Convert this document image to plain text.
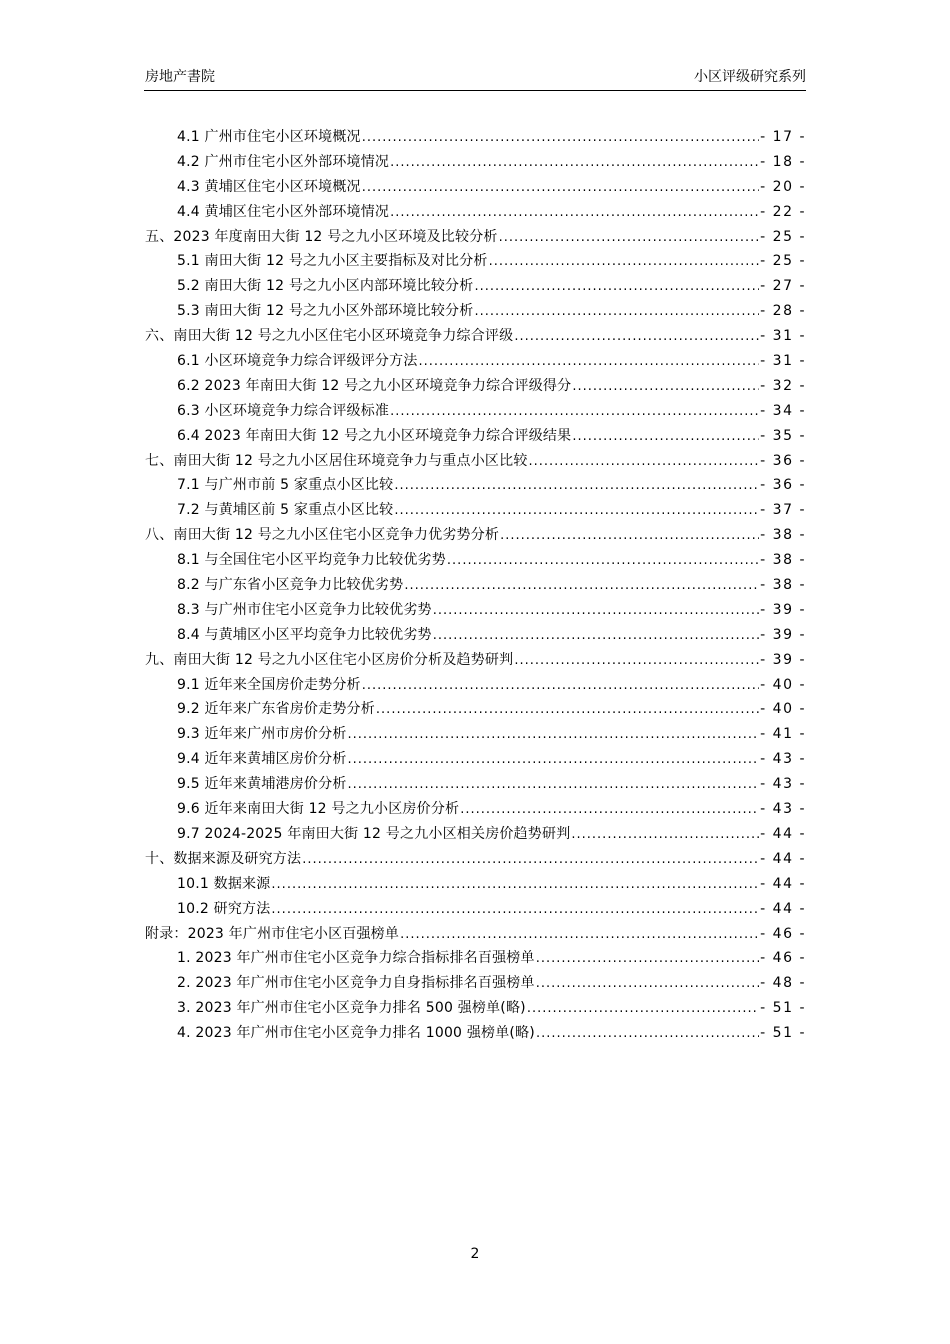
房地产書院	小区评级研究系列
4.1 广州市住宅小区环境概况 .....	- 17 -
4.2 广州市住宅小区外部环境情况 .....	- 18 -
4.3 黄埔区住宅小区环境概况 .....	- 20 -
4.4 黄埔区住宅小区外部环境情况 .....	- 22 -
五、2023 年度南田大街 12 号之九小区环境及比较分析 .....	- 25 -
5.1 南田大街 12 号之九小区主要指标及对比分析 .....	- 25 -
5.2 南田大街 12 号之九小区内部环境比较分析 .....	- 27 -
5.3 南田大街 12 号之九小区外部环境比较分析 .....	- 28 -
六、南田大街 12 号之九小区住宅小区环境竞争力综合评级 .....	- 31 -
6.1 小区环境竞争力综合评级评分方法 .....	- 31 -
6.2 2023 年南田大街 12 号之九小区环境竞争力综合评级得分 .....	- 32 -
6.3 小区环境竞争力综合评级标准 .....	- 34 -
6.4 2023 年南田大街 12 号之九小区环境竞争力综合评级结果 .....	- 35 -
七、南田大街 12 号之九小区居住环境竞争力与重点小区比较 .....	- 36 -
7.1 与广州市前 5 家重点小区比较 .....	- 36 -
7.2 与黄埔区前 5 家重点小区比较 .....	- 37 -
八、南田大街 12 号之九小区住宅小区竞争力优劣势分析 .....	- 38 -
8.1 与全国住宅小区平均竞争力比较优劣势 .....	- 38 -
8.2 与广东省小区竞争力比较优劣势 .....	- 38 -
8.3 与广州市住宅小区竞争力比较优劣势 .....	- 39 -
8.4 与黄埔区小区平均竞争力比较优劣势 .....	- 39 -
九、南田大街 12 号之九小区住宅小区房价分析及趋势研判 .....	- 39 -
9.1 近年来全国房价走势分析 .....	- 40 -
9.2 近年来广东省房价走势分析 .....	- 40 -
9.3 近年来广州市房价分析 .....	- 41 -
9.4 近年来黄埔区房价分析 .....	- 43 -
9.5 近年来黄埔港房价分析 .....	- 43 -
9.6 近年来南田大街 12 号之九小区房价分析 .....	- 43 -
9.7 2024-2025 年南田大街 12 号之九小区相关房价趋势研判 .....	- 44 -
十、数据来源及研究方法 .....	- 44 -
10.1 数据来源 .....	- 44 -
10.2 研究方法 .....	- 44 -
附录：2023 年广州市住宅小区百强榜单 .....	- 46 -
1. 2023 年广州市住宅小区竞争力综合指标排名百强榜单 .....	- 46 -
2. 2023 年广州市住宅小区竞争力自身指标排名百强榜单 .....	- 48 -
3. 2023 年广州市住宅小区竞争力排名 500 强榜单(略) .....	- 51 -
4. 2023 年广州市住宅小区竞争力排名 1000 强榜单(略) .....	- 51 -
2
